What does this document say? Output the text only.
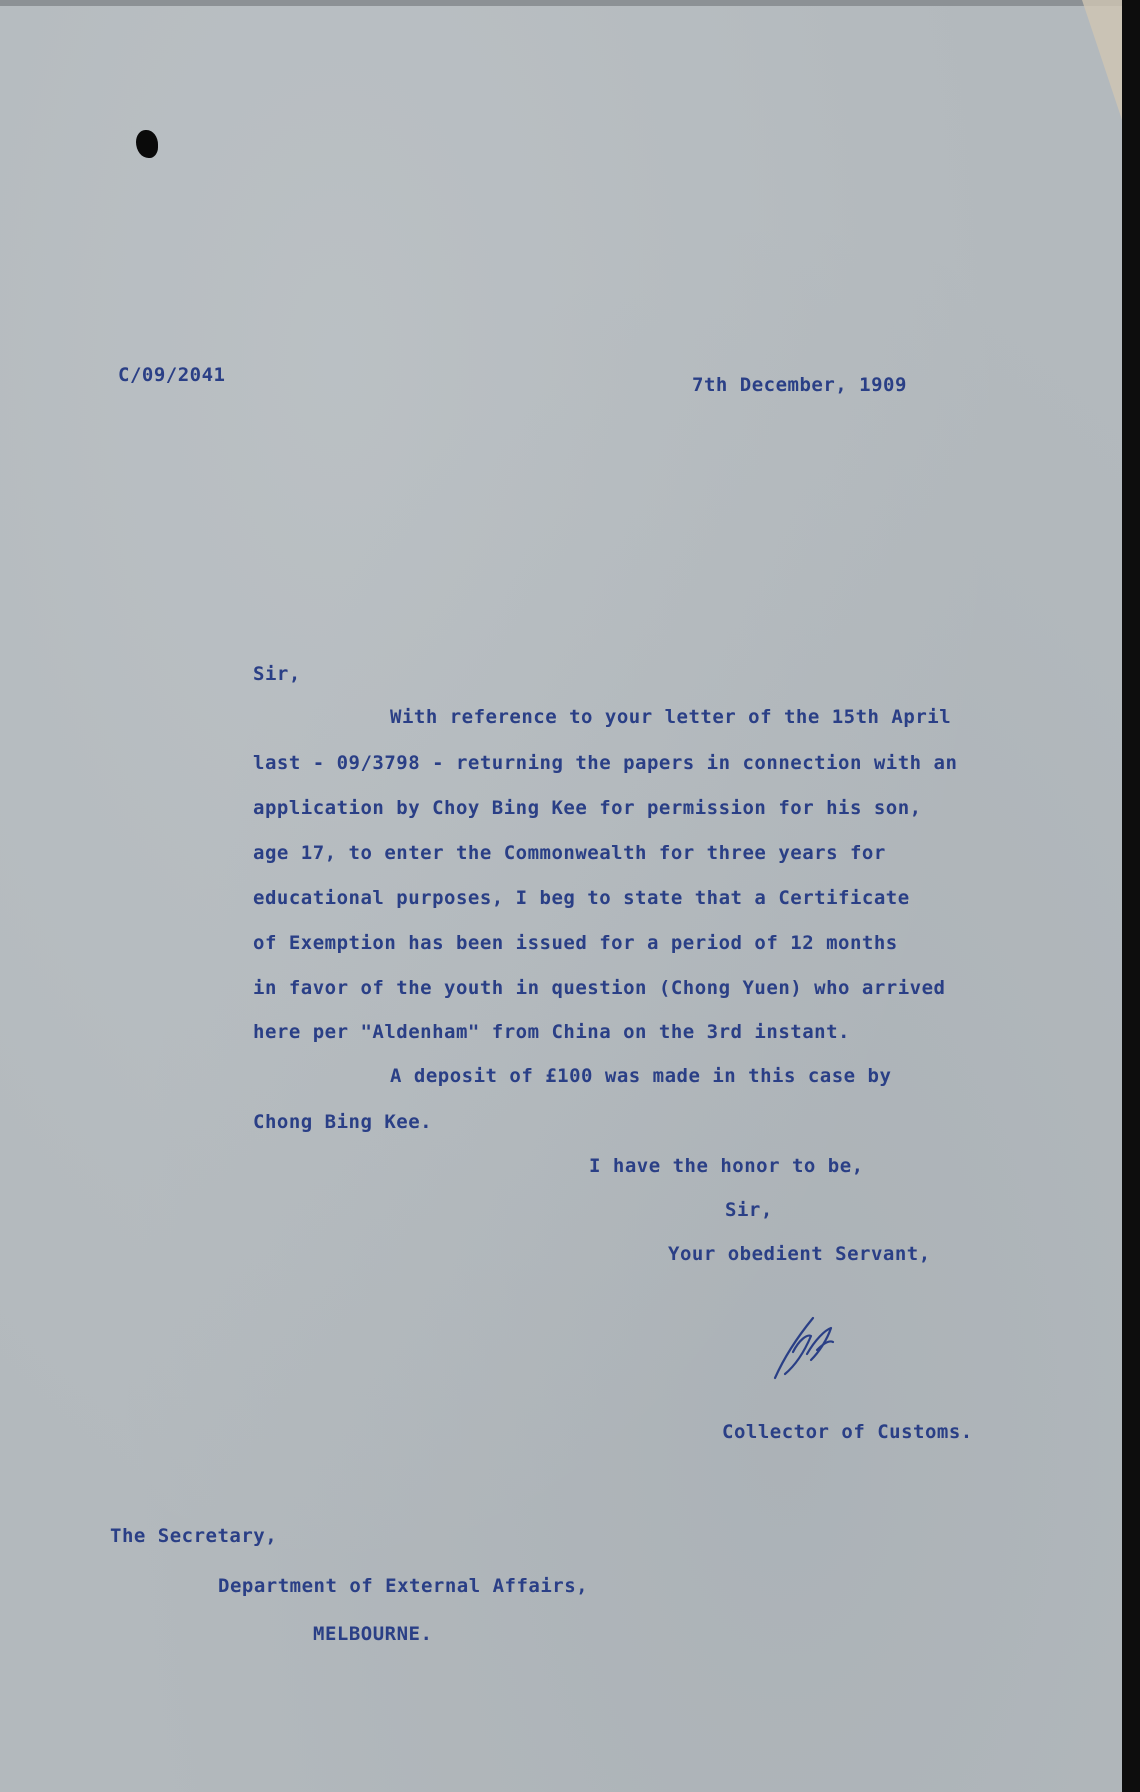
C/09/2041	7th December, 1909
Sir,
With reference to your letter of the 15th April
last - 09/3798 - returning the papers in connection with an
application by Choy Bing Kee for permission for his son,
age 17, to enter the Commonwealth for three years for
educational purposes, I beg to state that a Certificate
of Exemption has been issued for a period of 12 months
in favor of the youth in question (Chong Yuen) who arrived
here per "Aldenham" from China on the 3rd instant.
A deposit of £100 was made in this case by
Chong Bing Kee.
I have the honor to be,
Sir,
Your obedient Servant,
Collector of Customs.
The Secretary,
Department of External Affairs,
MELBOURNE.
